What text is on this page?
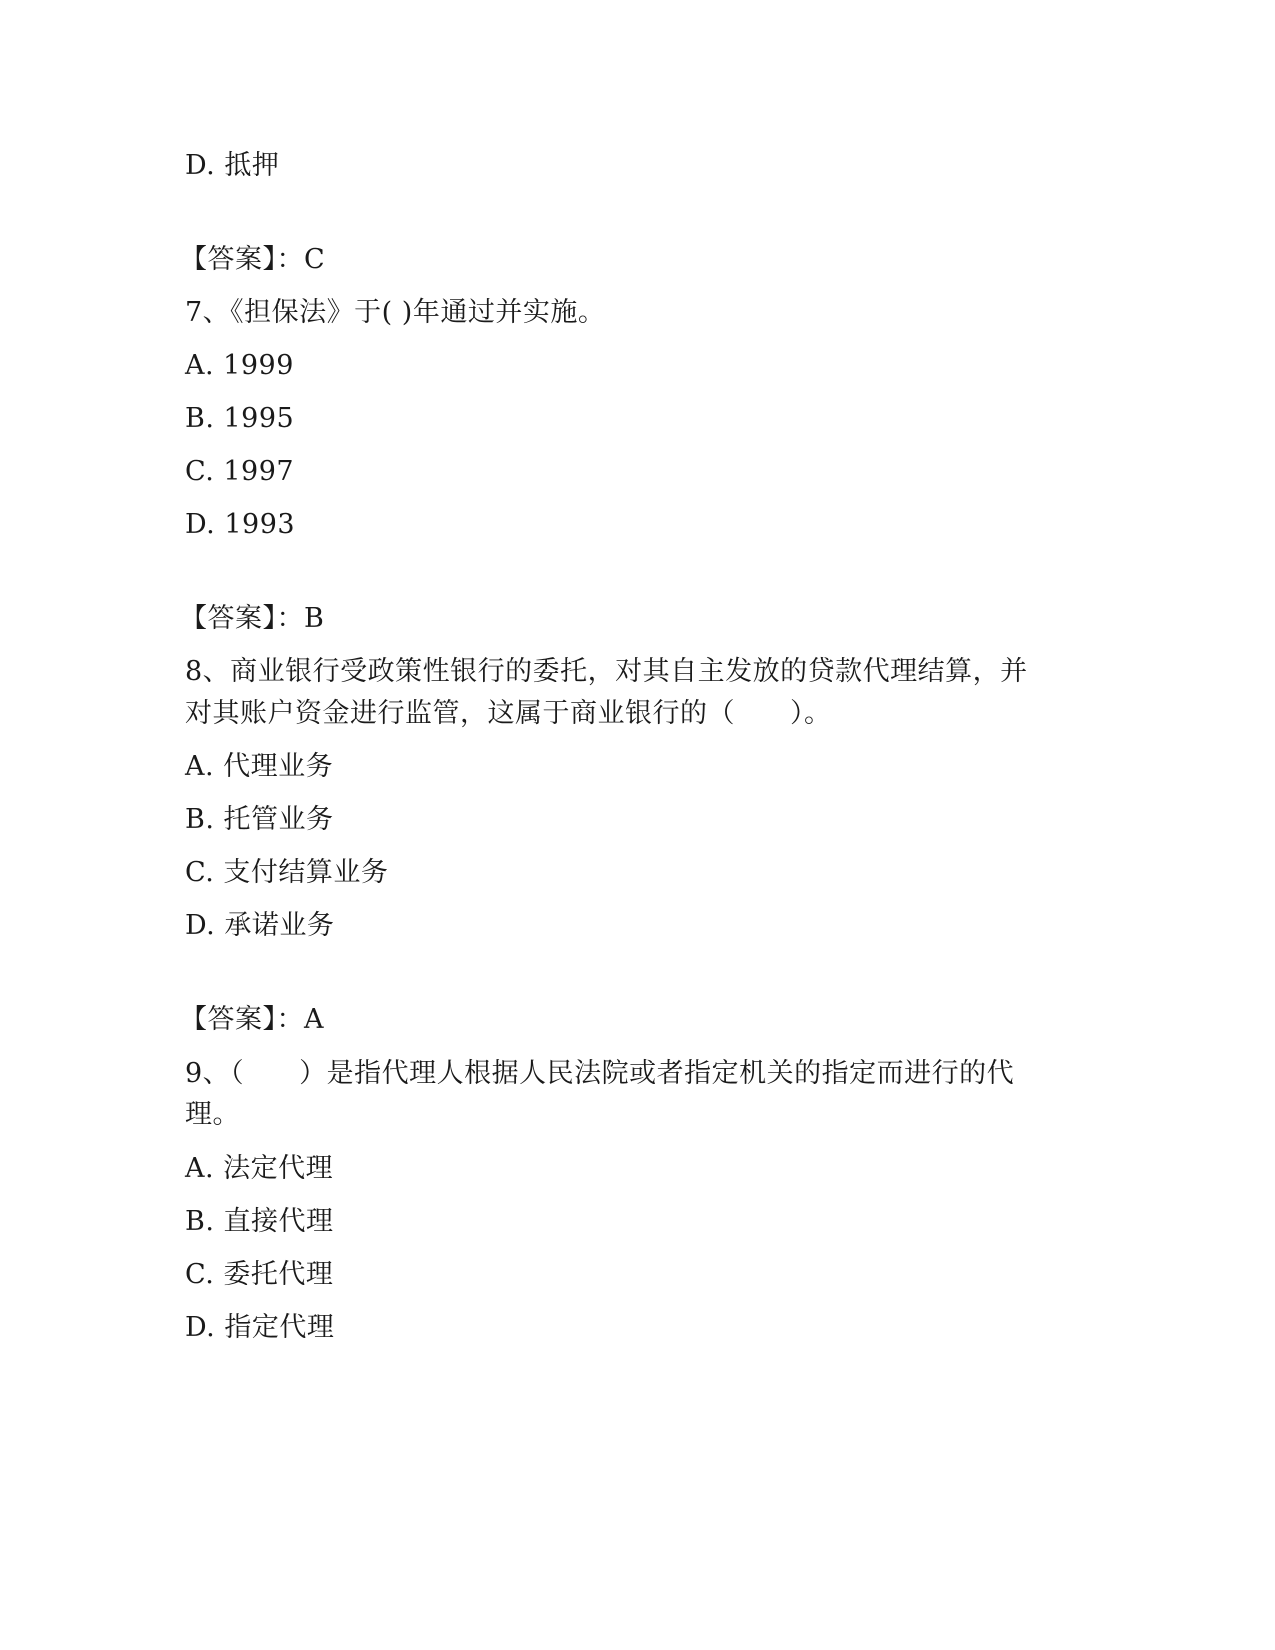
D. 抵押
【答案】：C
7、《担保法》于( )年通过并实施。
A. 1999
B. 1995
C. 1997
D. 1993
【答案】：B
8、商业银行受政策性银行的委托，对其自主发放的贷款代理结算，并
对其账户资金进行监管，这属于商业银行的（　　）。
A. 代理业务
B. 托管业务
C. 支付结算业务
D. 承诺业务
【答案】：A
9、（　　）是指代理人根据人民法院或者指定机关的指定而进行的代
理。
A. 法定代理
B. 直接代理
C. 委托代理
D. 指定代理
